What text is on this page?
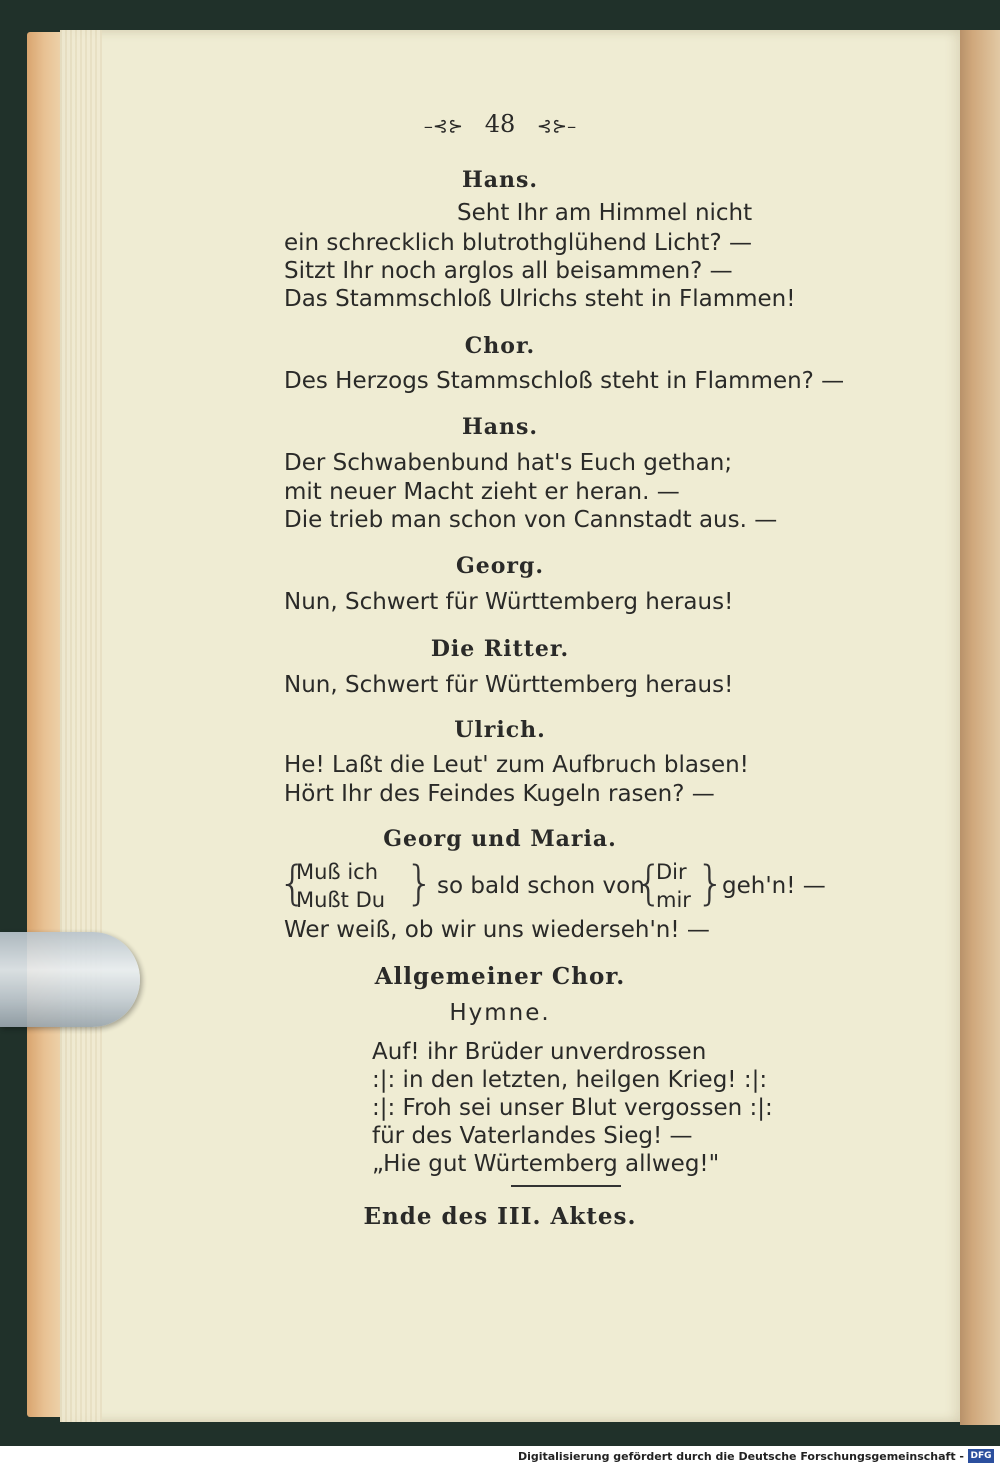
–⊰⊱ 48 ⊰⊱–
Hans.
Seht Ihr am Himmel nicht
ein schrecklich blutrothglühend Licht? —
Sitzt Ihr noch arglos all beisammen? —
Das Stammschloß Ulrichs steht in Flammen!
Chor.
Des Herzogs Stammschloß steht in Flammen? —
Hans.
Der Schwabenbund hat's Euch gethan;
mit neuer Macht zieht er heran. —
Die trieb man schon von Cannstadt aus. —
Georg.
Nun, Schwert für Württemberg heraus!
Die Ritter.
Nun, Schwert für Württemberg heraus!
Ulrich.
He! Laßt die Leut' zum Aufbruch blasen!
Hört Ihr des Feindes Kugeln rasen? —
Georg und Maria.
{
Muß ich
Mußt Du } so bald schon von
{
Dir
mir }
geh'n! —
Wer weiß, ob wir uns wiederseh'n! —
Allgemeiner Chor.
Hymne.
Auf! ihr Brüder unverdrossen
:|: in den letzten, heilgen Krieg! :|:
:|: Froh sei unser Blut vergossen :|:
für des Vaterlandes Sieg! —
„Hie gut Würtemberg allweg!"
Ende des III. Aktes.
Digitalisierung gefördert durch die Deutsche Forschungsgemeinschaft - DFG
